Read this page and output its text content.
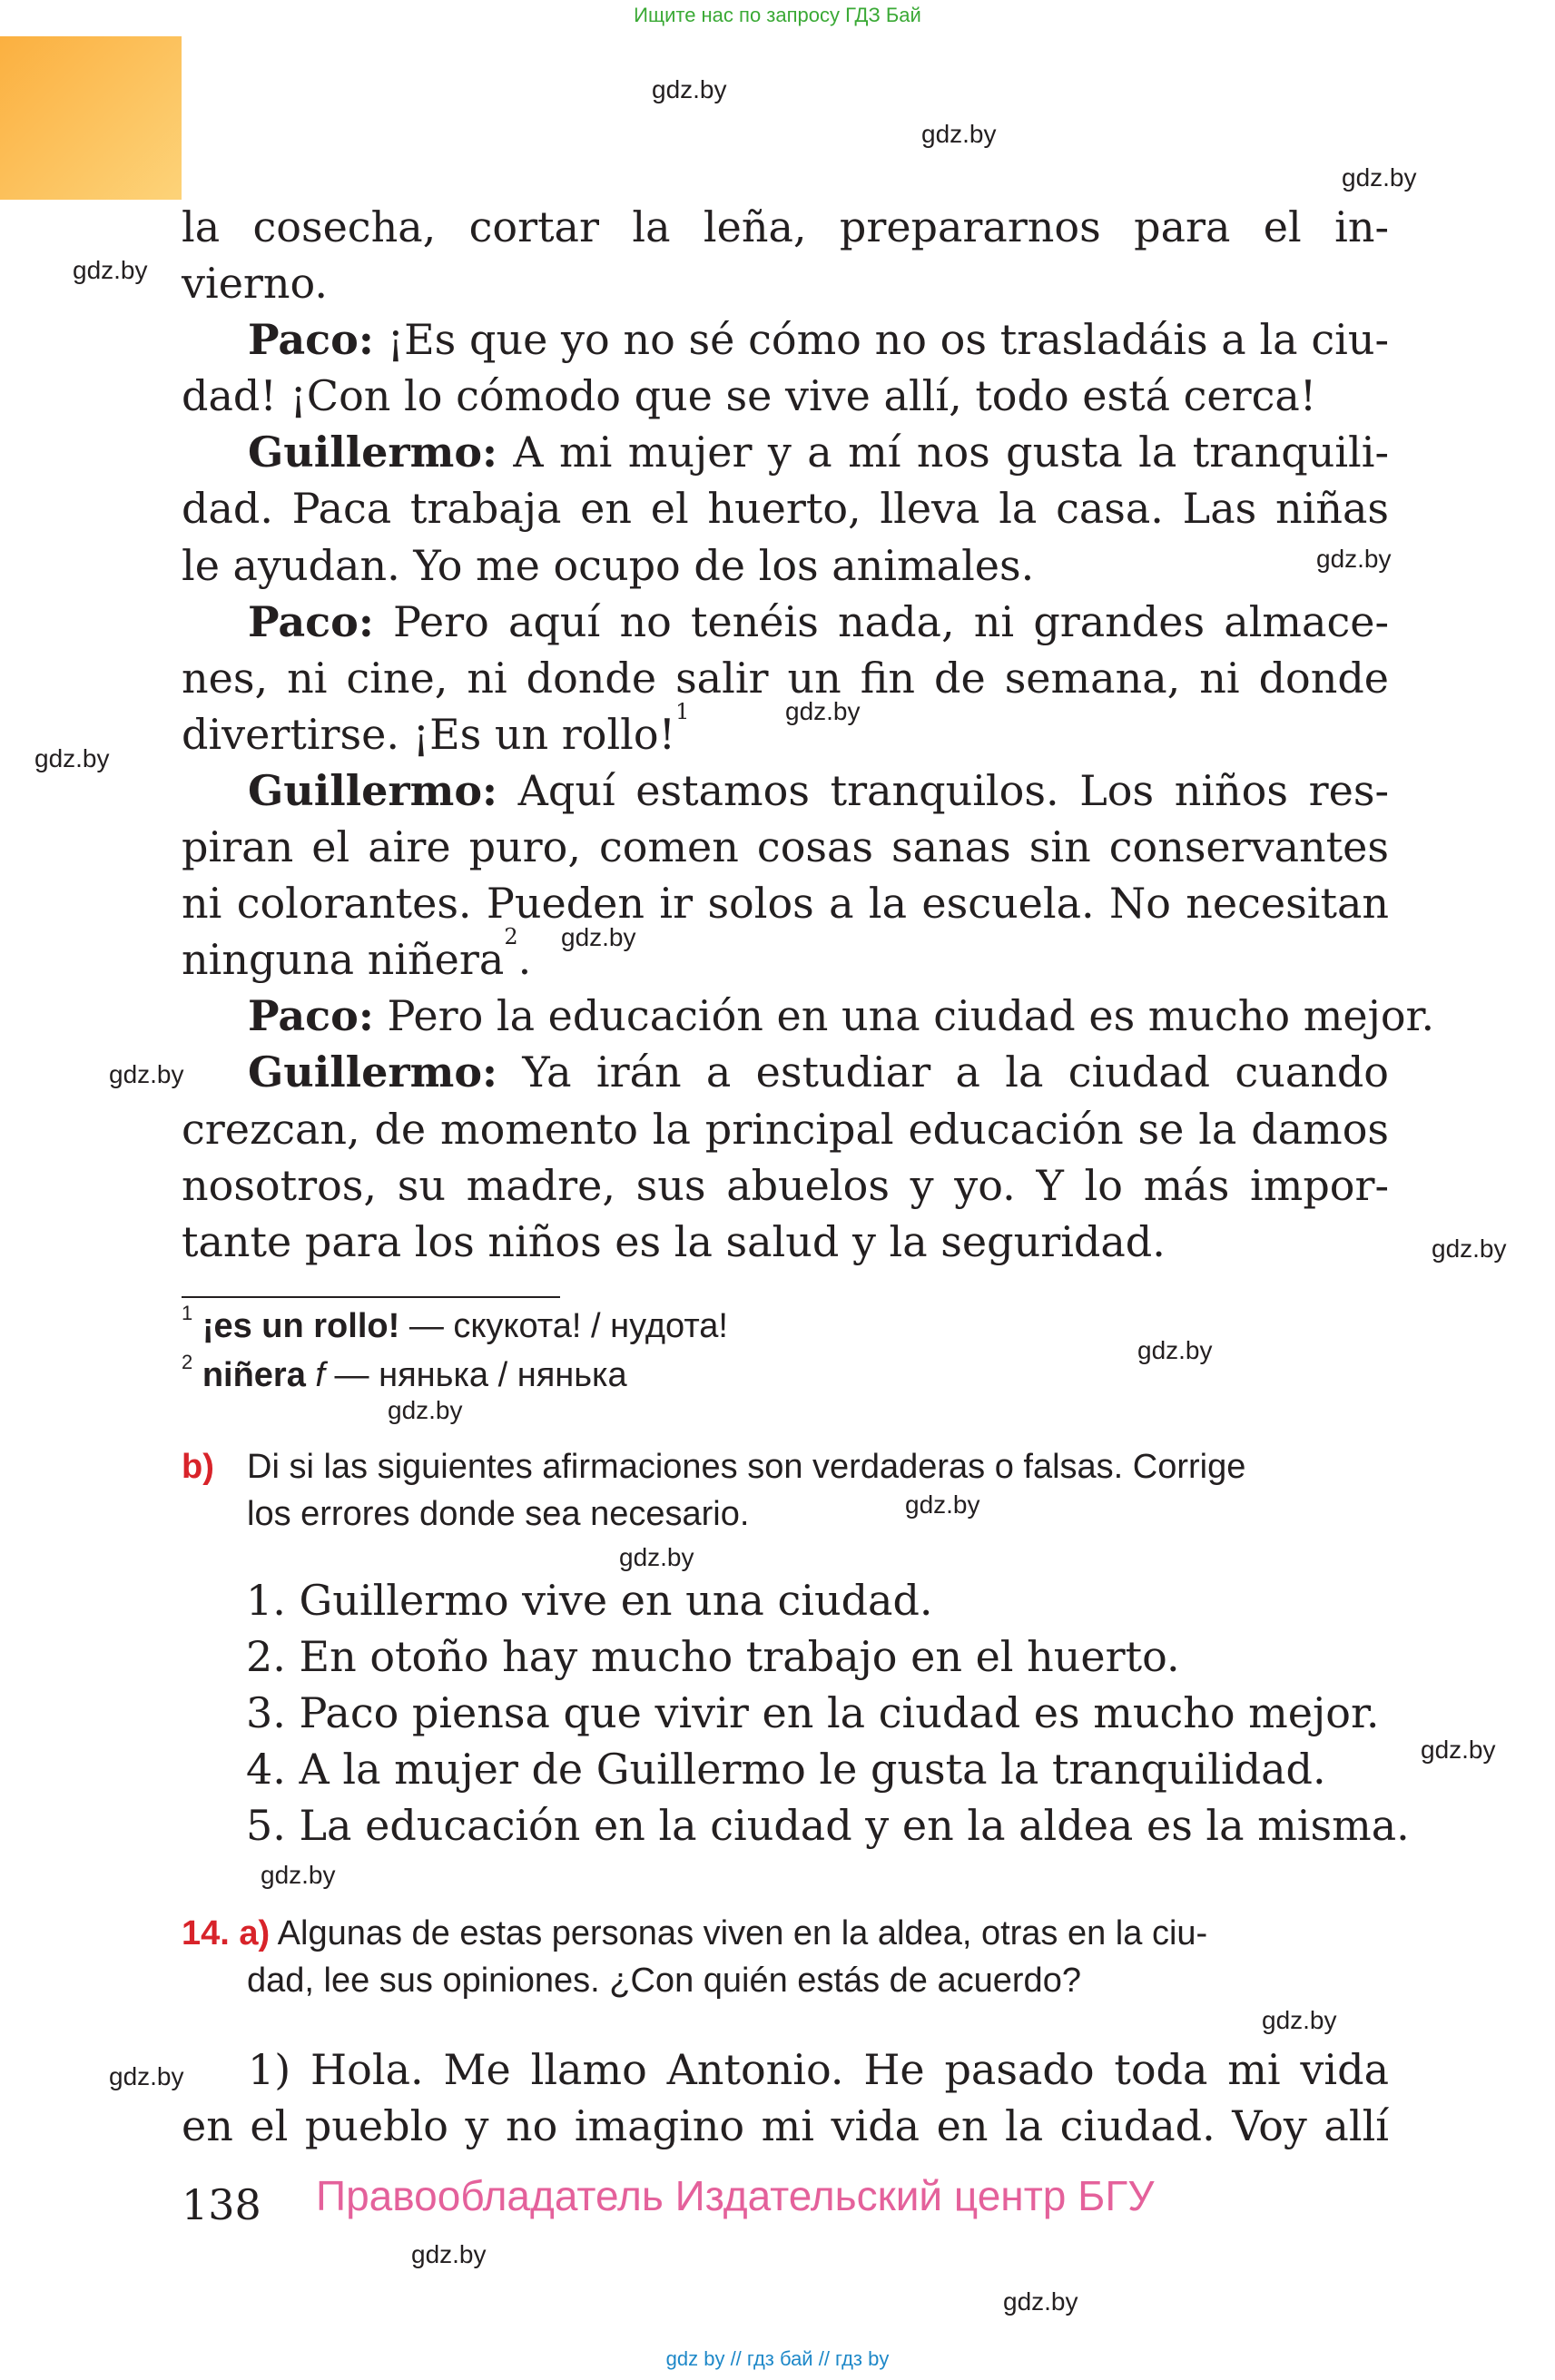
Ищите нас по запросу ГДЗ Бай
gdz.by
gdz.by
gdz.by
gdz.by
gdz.by
gdz.by
gdz.by
gdz.by
gdz.by
gdz.by
gdz.by
gdz.by
gdz.by
gdz.by
gdz.by
gdz.by
gdz.by
gdz.by
gdz.by
gdz.by
la cosecha, cortar la leña, prepararnos para el in-
vierno.
Paco: ¡Es que yo no sé cómo no os trasladáis a la ciu-
dad! ¡Con lo cómodo que se vive allí, todo está cerca!
Guillermo: A mi mujer y a mí nos gusta la tranquili-
dad. Paca trabaja en el huerto, lleva la casa. Las niñas
le ayudan. Yo me ocupo de los animales.
Paco: Pero aquí no tenéis nada, ni grandes almace-
nes, ni cine, ni donde salir un fin de semana, ni donde
divertirse. ¡Es un rollo!$^1$
Guillermo: Aquí estamos tranquilos. Los niños res-
piran el aire puro, comen cosas sanas sin conservantes
ni colorantes. Pueden ir solos a la escuela. No necesitan
ninguna niñera$^2$.
Paco: Pero la educación en una ciudad es mucho mejor.
Guillermo: Ya irán a estudiar a la ciudad cuando
crezcan, de momento la principal educación se la damos
nosotros, su madre, sus abuelos y yo. Y lo más impor-
tante para los niños es la salud y la seguridad.
$^1$ ¡es un rollo! — скукота! / нудота!
$^2$ niñera f — нянька / нянька
b) Di si las siguientes afirmaciones son verdaderas o falsas. Corrige
los errores donde sea necesario.
1. Guillermo vive en una ciudad.
2. En otoño hay mucho trabajo en el huerto.
3. Paco piensa que vivir en la ciudad es mucho mejor.
4. A la mujer de Guillermo le gusta la tranquilidad.
5. La educación en la ciudad y en la aldea es la misma.
14. a) Algunas de estas personas viven en la aldea, otras en la ciu-
dad, lee sus opiniones. ¿Con quién estás de acuerdo?
1) Hola. Me llamo Antonio. He pasado toda mi vida
en el pueblo y no imagino mi vida en la ciudad. Voy allí
138 Правообладатель Издательский центр БГУ
gdz by // гдз бай // гдз by
